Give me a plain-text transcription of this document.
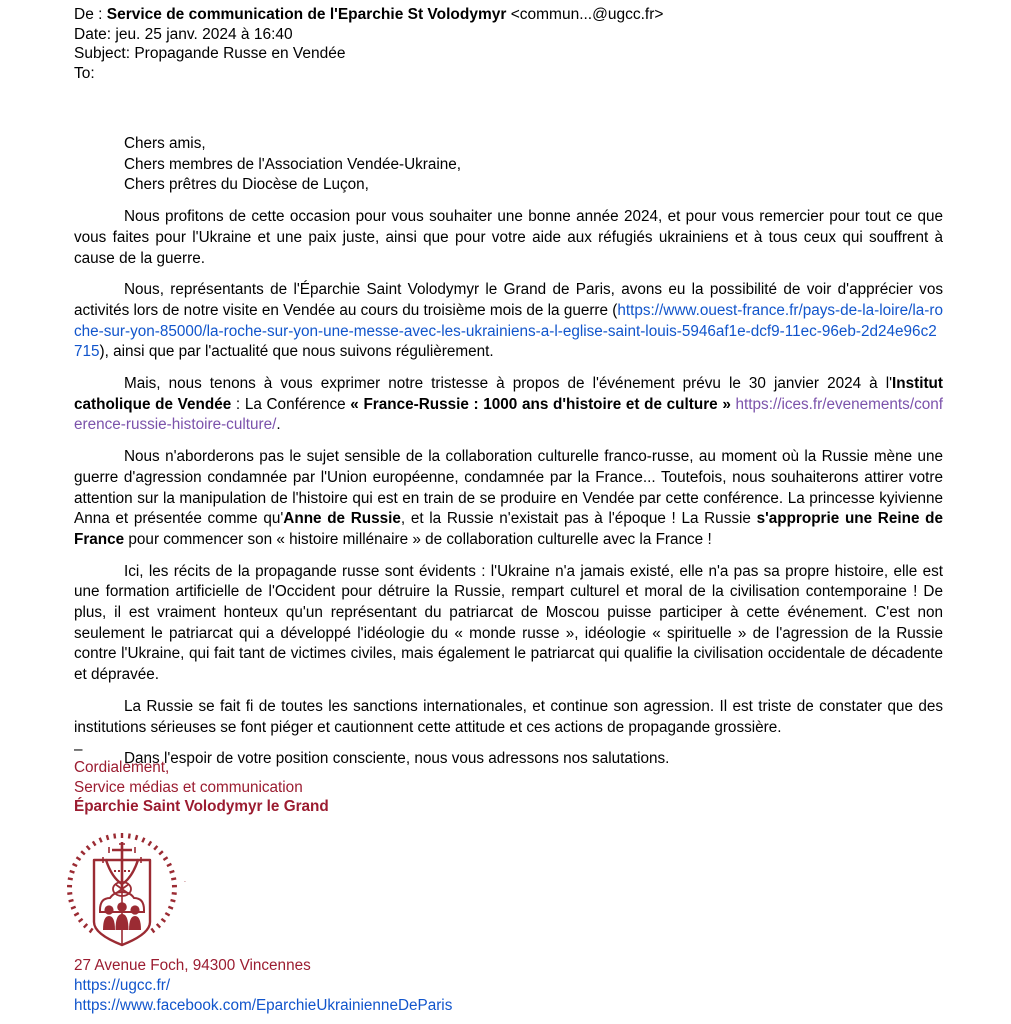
De : Service de communication de l'Eparchie St Volodymyr <commun...@ugcc.fr>
Date: jeu. 25 janv. 2024 à 16:40
Subject: Propagande Russe en Vendée
To:
Chers amis,
Chers membres de l'Association Vendée-Ukraine,
Chers prêtres du Diocèse de Luçon,

Nous profitons de cette occasion pour vous souhaiter une bonne année 2024, et pour vous remercier pour tout ce que vous faites pour l'Ukraine et une paix juste, ainsi que pour votre aide aux réfugiés ukrainiens et à tous ceux qui souffrent à cause de la guerre.

Nous, représentants de l'Éparchie Saint Volodymyr le Grand de Paris, avons eu la possibilité de voir d'apprécier vos activités lors de notre visite en Vendée au cours du troisième mois de la guerre (https://www.ouest-france.fr/pays-de-la-loire/la-roche-sur-yon-85000/la-roche-sur-yon-une-messe-avec-les-ukrainiens-a-l-eglise-saint-louis-5946af1e-dcf9-11ec-96eb-2d24e96c2715), ainsi que par l'actualité que nous suivons régulièrement.

Mais, nous tenons à vous exprimer notre tristesse à propos de l'événement prévu le 30 janvier 2024 à l'Institut catholique de Vendée : La Conférence « France-Russie : 1000 ans d'histoire et de culture » https://ices.fr/evenements/conference-russie-histoire-culture/.

Nous n'aborderons pas le sujet sensible de la collaboration culturelle franco-russe, au moment où la Russie mène une guerre d'agression condamnée par l'Union européenne, condamnée par la France... Toutefois, nous souhaiterons attirer votre attention sur la manipulation de l'histoire qui est en train de se produire en Vendée par cette conférence. La princesse kyivienne Anna et présentée comme qu'Anne de Russie, et la Russie n'existait pas à l'époque ! La Russie s'approprie une Reine de France pour commencer son « histoire millénaire » de collaboration culturelle avec la France !

Ici, les récits de la propagande russe sont évidents : l'Ukraine n'a jamais existé, elle n'a pas sa propre histoire, elle est une formation artificielle de l'Occident pour détruire la Russie, rempart culturel et moral de la civilisation contemporaine ! De plus, il est vraiment honteux qu'un représentant du patriarcat de Moscou puisse participer à cette événement. C'est non seulement le patriarcat qui a développé l'idéologie du « monde russe », idéologie « spirituelle » de l'agression de la Russie contre l'Ukraine, qui fait tant de victimes civiles, mais également le patriarcat qui qualifie la civilisation occidentale de décadente et dépravée.

La Russie se fait fi de toutes les sanctions internationales, et continue son agression. Il est triste de constater que des institutions sérieuses se font piéger et cautionnent cette attitude et ces actions de propagande grossière.

Dans l'espoir de votre position consciente, nous vous adressons nos salutations.

–
Cordialement,
Service médias et communication
Éparchie Saint Volodymyr le Grand
·
27 Avenue Foch, 94300 Vincennes
https://ugcc.fr/
https://www.facebook.com/EparchieUkrainienneDeParis
